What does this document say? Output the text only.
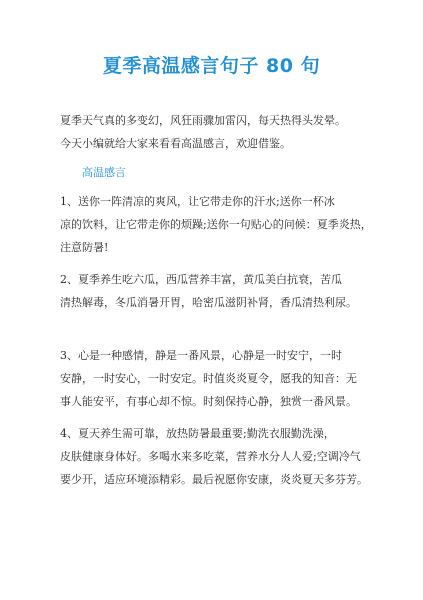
夏季高温感言句子 80 句
夏季天气真的多变幻，风狂雨骤加雷闪，每天热得头发晕。
今天小编就给大家来看看高温感言，欢迎借鉴。
高温感言
1、送你一阵清凉的爽风，让它带走你的汗水;送你一杯冰
凉的饮料，让它带走你的烦躁;送你一句贴心的问候：夏季炎热，
注意防暑!
2、夏季养生吃六瓜，西瓜营养丰富，黄瓜美白抗衰，苦瓜
清热解毒，冬瓜消暑开胃，哈密瓜滋阴补肾，香瓜清热利尿。
3、心是一种感情，静是一番风景，心静是一时安宁，一时
安静，一时安心，一时安定。时值炎炎夏令，愿我的知音：无
事人能安平，有事心却不惊。时刻保持心静，独赏一番风景。
4、夏天养生需可靠，放热防暑最重要;勤洗衣服勤洗澡，
皮肤健康身体好。多喝水来多吃菜，营养水分人人爱;空调冷气
要少开，适应环境添精彩。最后祝愿你安康，炎炎夏天多芬芳。
